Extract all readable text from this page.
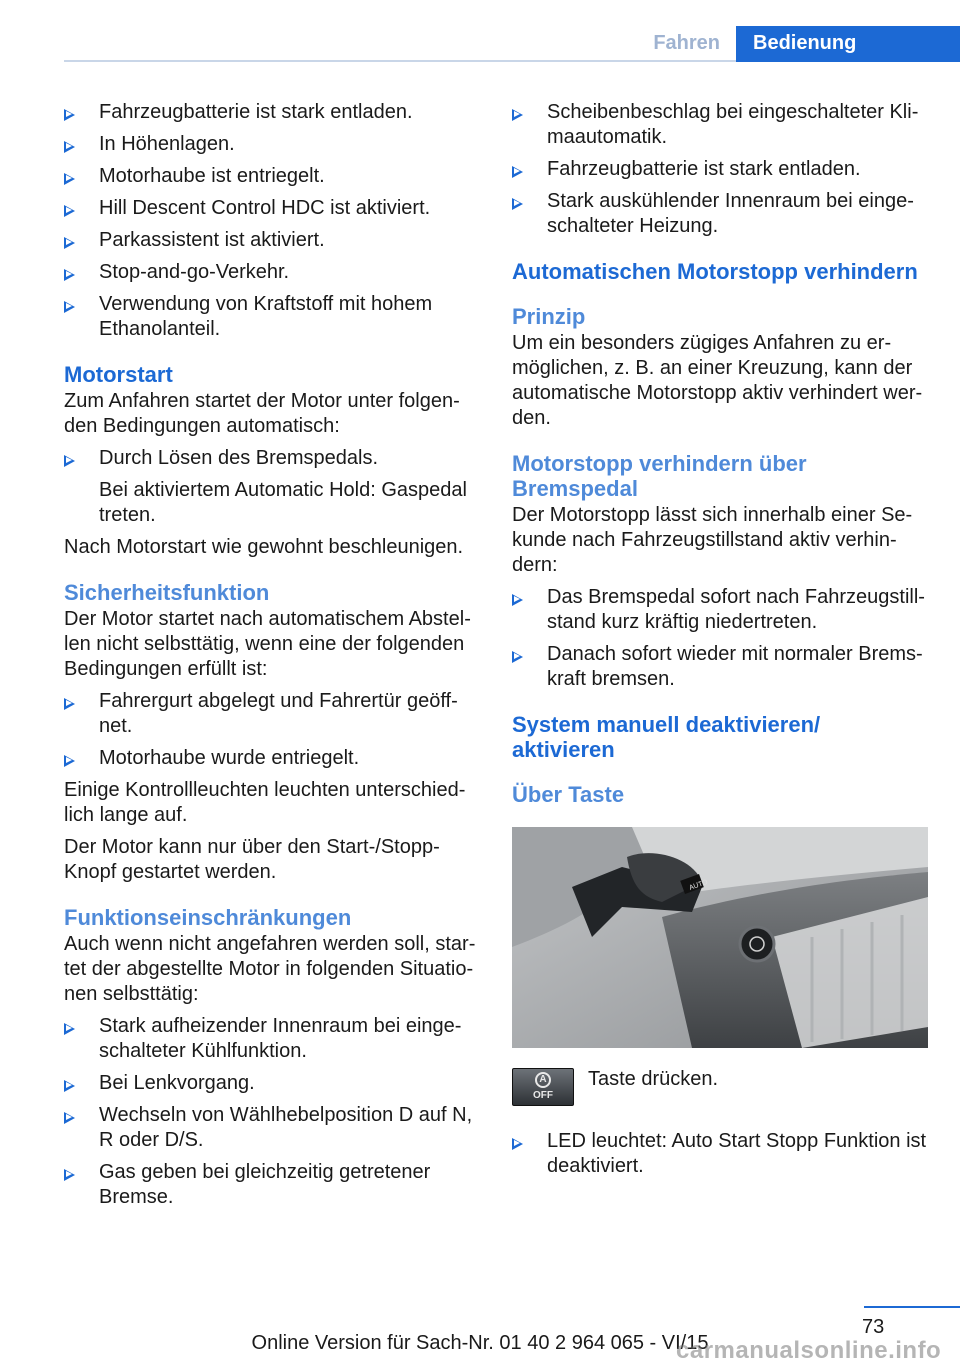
Fahren Bedienung
Fahrzeugbatterie ist stark entladen.
In Höhenlagen.
Motorhaube ist entriegelt.
Hill Descent Control HDC ist aktiviert.
Parkassistent ist aktiviert.
Stop-and-go-Verkehr.
Verwendung von Kraftstoff mit hohem Ethanolanteil.
Motorstart
Zum Anfahren startet der Motor unter folgenden Bedingungen automatisch:
Durch Lösen des Bremspedals.
Bei aktiviertem Automatic Hold: Gaspedal treten.
Nach Motorstart wie gewohnt beschleunigen.
Sicherheitsfunktion
Der Motor startet nach automatischem Abstellen nicht selbsttätig, wenn eine der folgenden Bedingungen erfüllt ist:
Fahrergurt abgelegt und Fahrertür geöffnet.
Motorhaube wurde entriegelt.
Einige Kontrollleuchten leuchten unterschiedlich lange auf.
Der Motor kann nur über den Start-/Stopp-Knopf gestartet werden.
Funktionseinschränkungen
Auch wenn nicht angefahren werden soll, startet der abgestellte Motor in folgenden Situationen selbsttätig:
Stark aufheizender Innenraum bei eingeschalteter Kühlfunktion.
Bei Lenkvorgang.
Wechseln von Wählhebelposition D auf N, R oder D/S.
Gas geben bei gleichzeitig getretener Bremse.
Scheibenbeschlag bei eingeschalteter Klimaautomatik.
Fahrzeugbatterie ist stark entladen.
Stark auskühlender Innenraum bei eingeschalteter Heizung.
Automatischen Motorstopp verhindern
Prinzip
Um ein besonders zügiges Anfahren zu ermöglichen, z. B. an einer Kreuzung, kann der automatische Motorstopp aktiv verhindert werden.
Motorstopp verhindern über Bremspedal
Der Motorstopp lässt sich innerhalb einer Sekunde nach Fahrzeugstillstand aktiv verhindern:
Das Bremspedal sofort nach Fahrzeugstillstand kurz kräftig niedertreten.
Danach sofort wieder mit normaler Bremskraft bremsen.
System manuell deaktivieren/ aktivieren
Über Taste
AUTO
A
OFF
Taste drücken.
LED leuchtet: Auto Start Stopp Funktion ist deaktiviert.
73
Online Version für Sach-Nr. 01 40 2 964 065 - VI/15
carmanualsonline.info
